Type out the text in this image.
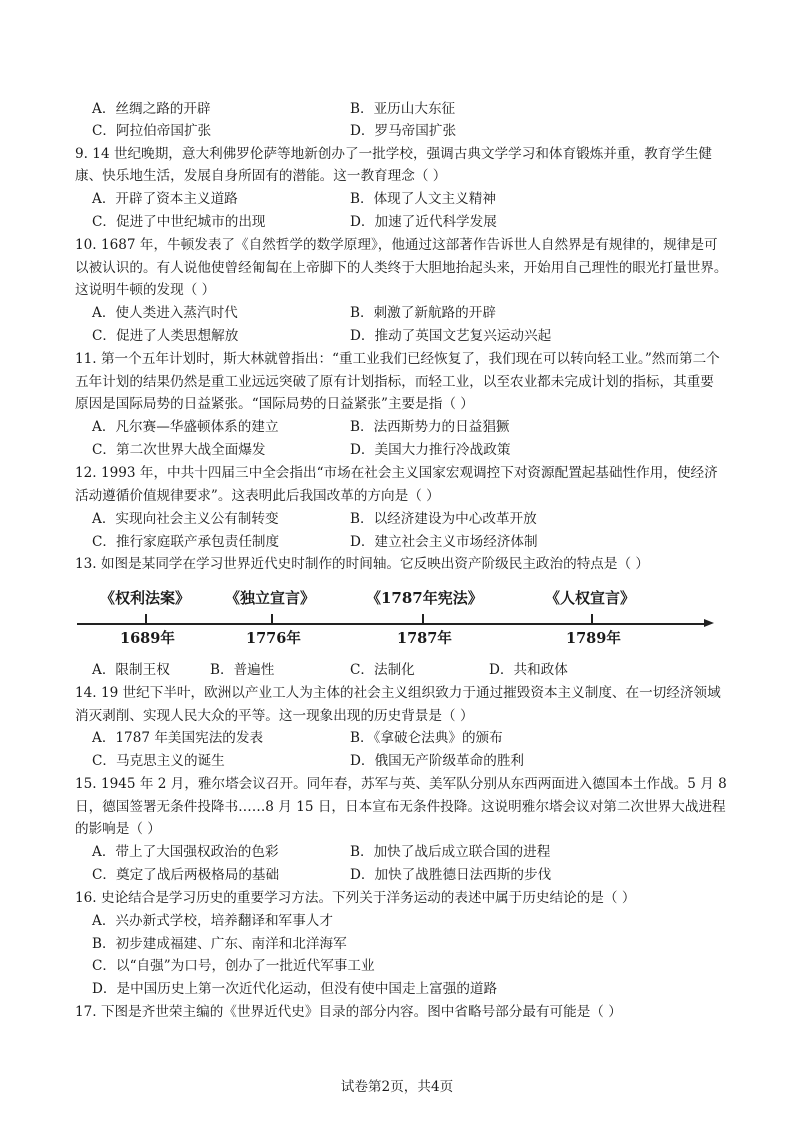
A．丝绸之路的开辟	B．亚历山大东征
C．阿拉伯帝国扩张	D．罗马帝国扩张
9. 14 世纪晚期，意大利佛罗伦萨等地新创办了一批学校，强调古典文学学习和体育锻炼并重，教育学生健
康、快乐地生活，发展自身所固有的潜能。这一教育理念（ ）
A．开辟了资本主义道路	B．体现了人文主义精神
C．促进了中世纪城市的出现	D．加速了近代科学发展
10. 1687 年，牛顿发表了《自然哲学的数学原理》，他通过这部著作告诉世人自然界是有规律的，规律是可
以被认识的。有人说他使曾经匍匐在上帝脚下的人类终于大胆地抬起头来，开始用自己理性的眼光打量世界。
这说明牛顿的发现（ ）
A．使人类进入蒸汽时代	B．刺激了新航路的开辟
C．促进了人类思想解放	D．推动了英国文艺复兴运动兴起
11. 第一个五年计划时，斯大林就曾指出：“重工业我们已经恢复了，我们现在可以转向轻工业。”然而第二个
五年计划的结果仍然是重工业远远突破了原有计划指标，而轻工业，以至农业都未完成计划的指标，其重要
原因是国际局势的日益紧张。“国际局势的日益紧张”主要是指（ ）
A．凡尔赛—华盛顿体系的建立	B．法西斯势力的日益猖獗
C．第二次世界大战全面爆发	D．美国大力推行冷战政策
12. 1993 年，中共十四届三中全会指出“市场在社会主义国家宏观调控下对资源配置起基础性作用，使经济
活动遵循价值规律要求”。这表明此后我国改革的方向是（ ）
A．实现向社会主义公有制转变	B．以经济建设为中心改革开放
C．推行家庭联产承包责任制度	D．建立社会主义市场经济体制
13. 如图是某同学在学习世界近代史时制作的时间轴。它反映出资产阶级民主政治的特点是（ ）
《权利法案》 《独立宣言》	《1787年宪法》	《人权宣言》
1689年	1776年	1787年	1789年
A．限制王权	B．普遍性	C．法制化	D．共和政体
14. 19 世纪下半叶，欧洲以产业工人为主体的社会主义组织致力于通过摧毁资本主义制度、在一切经济领域
消灭剥削、实现人民大众的平等。这一现象出现的历史背景是（ ）
A．1787 年美国宪法的发表	B．《拿破仑法典》的颁布
C．马克思主义的诞生	D．俄国无产阶级革命的胜利
15. 1945 年 2 月，雅尔塔会议召开。同年春，苏军与英、美军队分别从东西两面进入德国本土作战。5 月 8
日，德国签署无条件投降书……8 月 15 日，日本宣布无条件投降。这说明雅尔塔会议对第二次世界大战进程
的影响是（ ）
A．带上了大国强权政治的色彩	B．加快了战后成立联合国的进程
C．奠定了战后两极格局的基础	D．加快了战胜德日法西斯的步伐
16. 史论结合是学习历史的重要学习方法。下列关于洋务运动的表述中属于历史结论的是（ ）
A．兴办新式学校，培养翻译和军事人才
B．初步建成福建、广东、南洋和北洋海军
C．以“自强”为口号，创办了一批近代军事工业
D．是中国历史上第一次近代化运动，但没有使中国走上富强的道路
17. 下图是齐世荣主编的《世界近代史》目录的部分内容。图中省略号部分最有可能是（ ）
试卷第2页，共4页
